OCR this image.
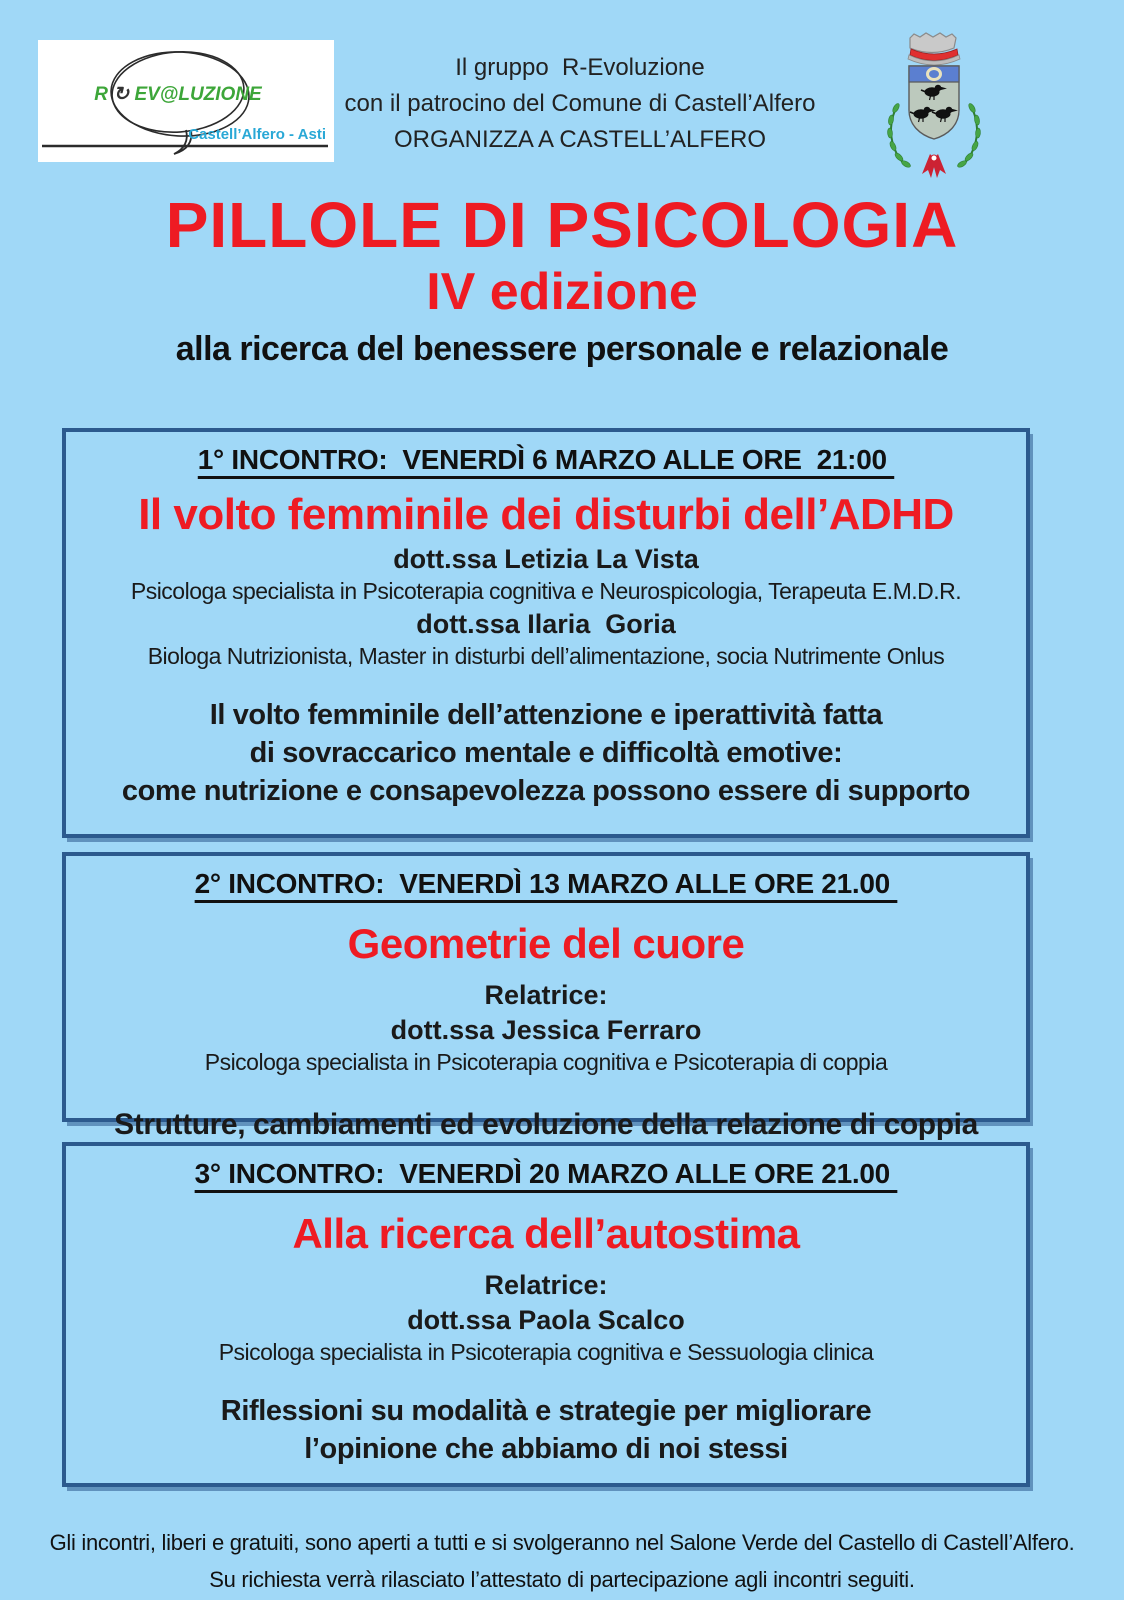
R ↻ EV@LUZIONE
Castell’Alfero - Asti
Il gruppo  R-Evoluzione
con il patrocino del Comune di Castell’Alfero
ORGANIZZA A CASTELL’ALFERO
PILLOLE DI PSICOLOGIA
IV edizione
alla ricerca del benessere personale e relazionale
1° INCONTRO:  VENERDÌ 6 MARZO ALLE ORE  21:00
Il volto femminile dei disturbi dell’ADHD
dott.ssa Letizia La Vista
Psicologa specialista in Psicoterapia cognitiva e Neurospicologia, Terapeuta E.M.D.R.
dott.ssa Ilaria  Goria
Biologa Nutrizionista, Master in disturbi dell’alimentazione, socia Nutrimente Onlus
Il volto femminile dell’attenzione e iperattività fatta
di sovraccarico mentale e difficoltà emotive:
come nutrizione e consapevolezza possono essere di supporto
2° INCONTRO:  VENERDÌ 13 MARZO ALLE ORE 21.00
Geometrie del cuore
Relatrice:
dott.ssa Jessica Ferraro
Psicologa specialista in Psicoterapia cognitiva e Psicoterapia di coppia
Strutture, cambiamenti ed evoluzione della relazione di coppia
3° INCONTRO:  VENERDÌ 20 MARZO ALLE ORE 21.00
Alla ricerca dell’autostima
Relatrice:
dott.ssa Paola Scalco
Psicologa specialista in Psicoterapia cognitiva e Sessuologia clinica
Riflessioni su modalità e strategie per migliorare
l’opinione che abbiamo di noi stessi
Gli incontri, liberi e gratuiti, sono aperti a tutti e si svolgeranno nel Salone Verde del Castello di Castell’Alfero.
Su richiesta verrà rilasciato l’attestato di partecipazione agli incontri seguiti.
